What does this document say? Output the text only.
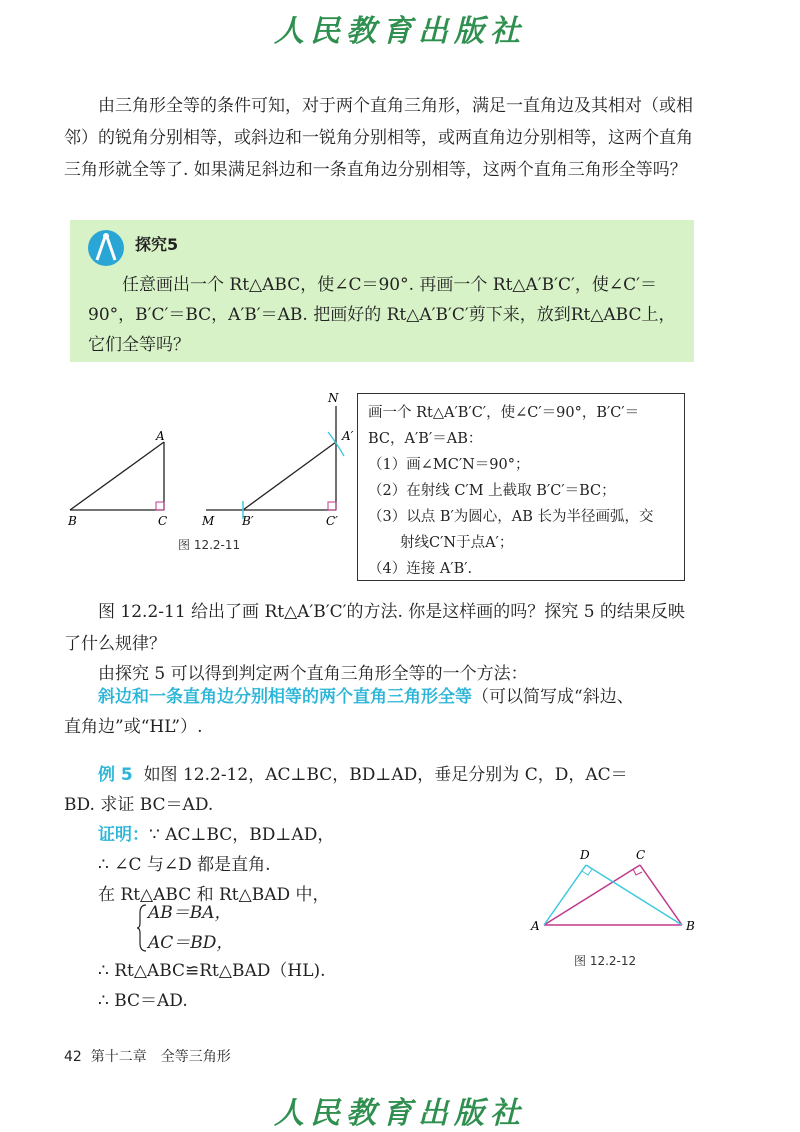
人民教育出版社
由三角形全等的条件可知，对于两个直角三角形，满足一直角边及其相对（或相邻）的锐角分别相等，或斜边和一锐角分别相等，或两直角边分别相等，这两个直角三角形就全等了. 如果满足斜边和一条直角边分别相等，这两个直角三角形全等吗？
探究5
任意画出一个 Rt△ABC，使∠C＝90°. 再画一个 Rt△A′B′C′，使∠C′＝90°，B′C′＝BC，A′B′＝AB. 把画好的 Rt△A′B′C′剪下来，放到Rt△ABC上，它们全等吗？
A
B	C
N
A′
M B′	C′
图 12.2-11
画一个 Rt△A′B′C′，使∠C′＝90°，B′C′＝
BC，A′B′＝AB：
（1）画∠MC′N＝90°；
（2）在射线 C′M 上截取 B′C′＝BC；
（3）以点 B′为圆心，AB 长为半径画弧，交
射线C′N于点A′；
（4）连接 A′B′.
图 12.2-11 给出了画 Rt△A′B′C′的方法. 你是这样画的吗？探究 5 的结果反映了什么规律？
由探究 5 可以得到判定两个直角三角形全等的一个方法：
斜边和一条直角边分别相等的两个直角三角形全等（可以简写成“斜边、
直角边”或“HL”）.
例 5 如图 12.2-12，AC⊥BC，BD⊥AD，垂足分别为 C，D，AC＝
BD. 求证 BC＝AD.
证明：∵ AC⊥BC，BD⊥AD，
∴ ∠C 与∠D 都是直角.
在 Rt△ABC 和 Rt△BAD 中，
AB＝BA，
AC＝BD，
∴ Rt△ABC≌Rt△BAD（HL).
∴ BC＝AD.
D	C
A	B
图 12.2-12
42 第十二章　全等三角形
人民教育出版社
